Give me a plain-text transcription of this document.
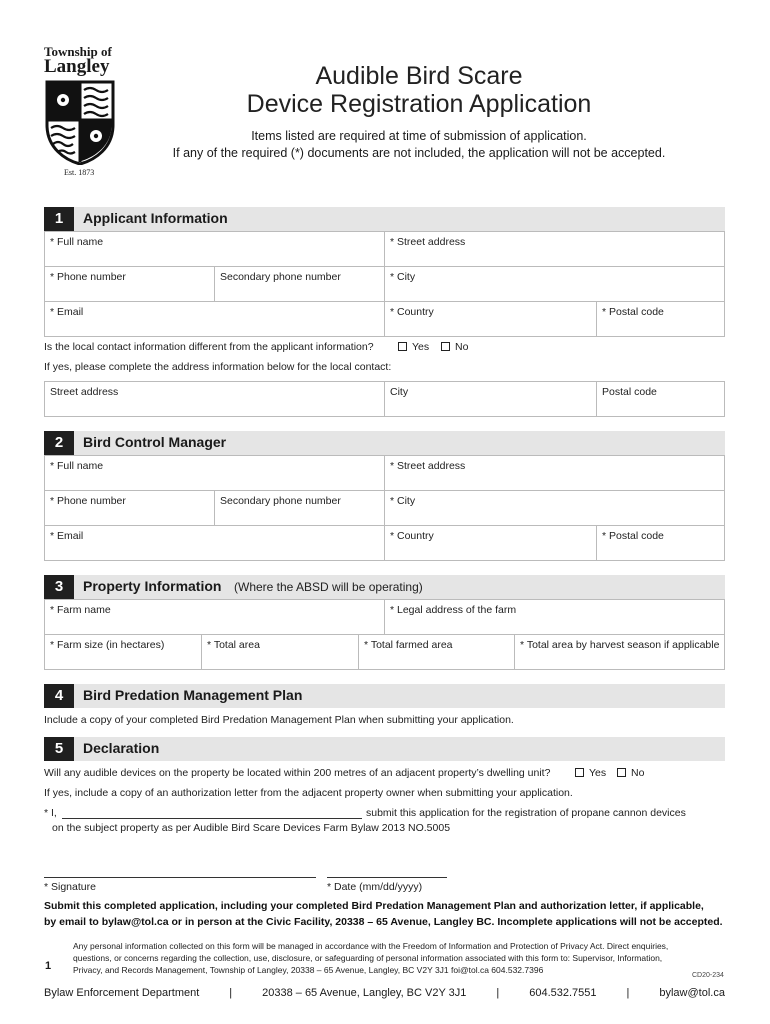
Township of
Langley
Est. 1873
Audible Bird Scare
Device Registration Application
Items listed are required at time of submission of application.
If any of the required (*) documents are not included, the application will not be accepted.
1	Applicant Information
* Full name	* Street address
* Phone number	Secondary phone number	* City
* Email	* Country	* Postal code
Is the local contact information different from the applicant information?	Yes	No
If yes, please complete the address information below for the local contact:
Street address	City	Postal code
2	Bird Control Manager
* Full name	* Street address
* Phone number	Secondary phone number	* City
* Email	* Country	* Postal code
3	Property Information (Where the ABSD will be operating)
* Farm name	* Legal address of the farm
* Farm size (in hectares)	* Total area	* Total farmed area	* Total area by harvest season if applicable
4	Bird Predation Management Plan
Include a copy of your completed Bird Predation Management Plan when submitting your application.
5	Declaration
Will any audible devices on the property be located within 200 metres of an adjacent property’s dwelling unit?	Yes	No
If yes, include a copy of an authorization letter from the adjacent property owner when submitting your application.
* I,	submit this application for the registration of propane cannon devices
on the subject property as per Audible Bird Scare Devices Farm Bylaw 2013 NO.5005
* Signature	* Date (mm/dd/yyyy)
Submit this completed application, including your completed Bird Predation Management Plan and authorization letter, if applicable,
by email to bylaw@tol.ca or in person at the Civic Facility, 20338 – 65 Avenue, Langley BC. Incomplete applications will not be accepted.
Any personal information collected on this form will be managed in accordance with the Freedom of Information and Protection of Privacy Act. Direct enquiries,
questions, or concerns regarding the collection, use, disclosure, or safeguarding of personal information associated with this form to: Supervisor, Information,
Privacy, and Records Management, Township of Langley, 20338 – 65 Avenue, Langley, BC V2Y 3J1 foi@tol.ca 604.532.7396
1
CD20-234
Bylaw Enforcement Department	|	20338 – 65 Avenue, Langley, BC V2Y 3J1	|	604.532.7551	|	bylaw@tol.ca
